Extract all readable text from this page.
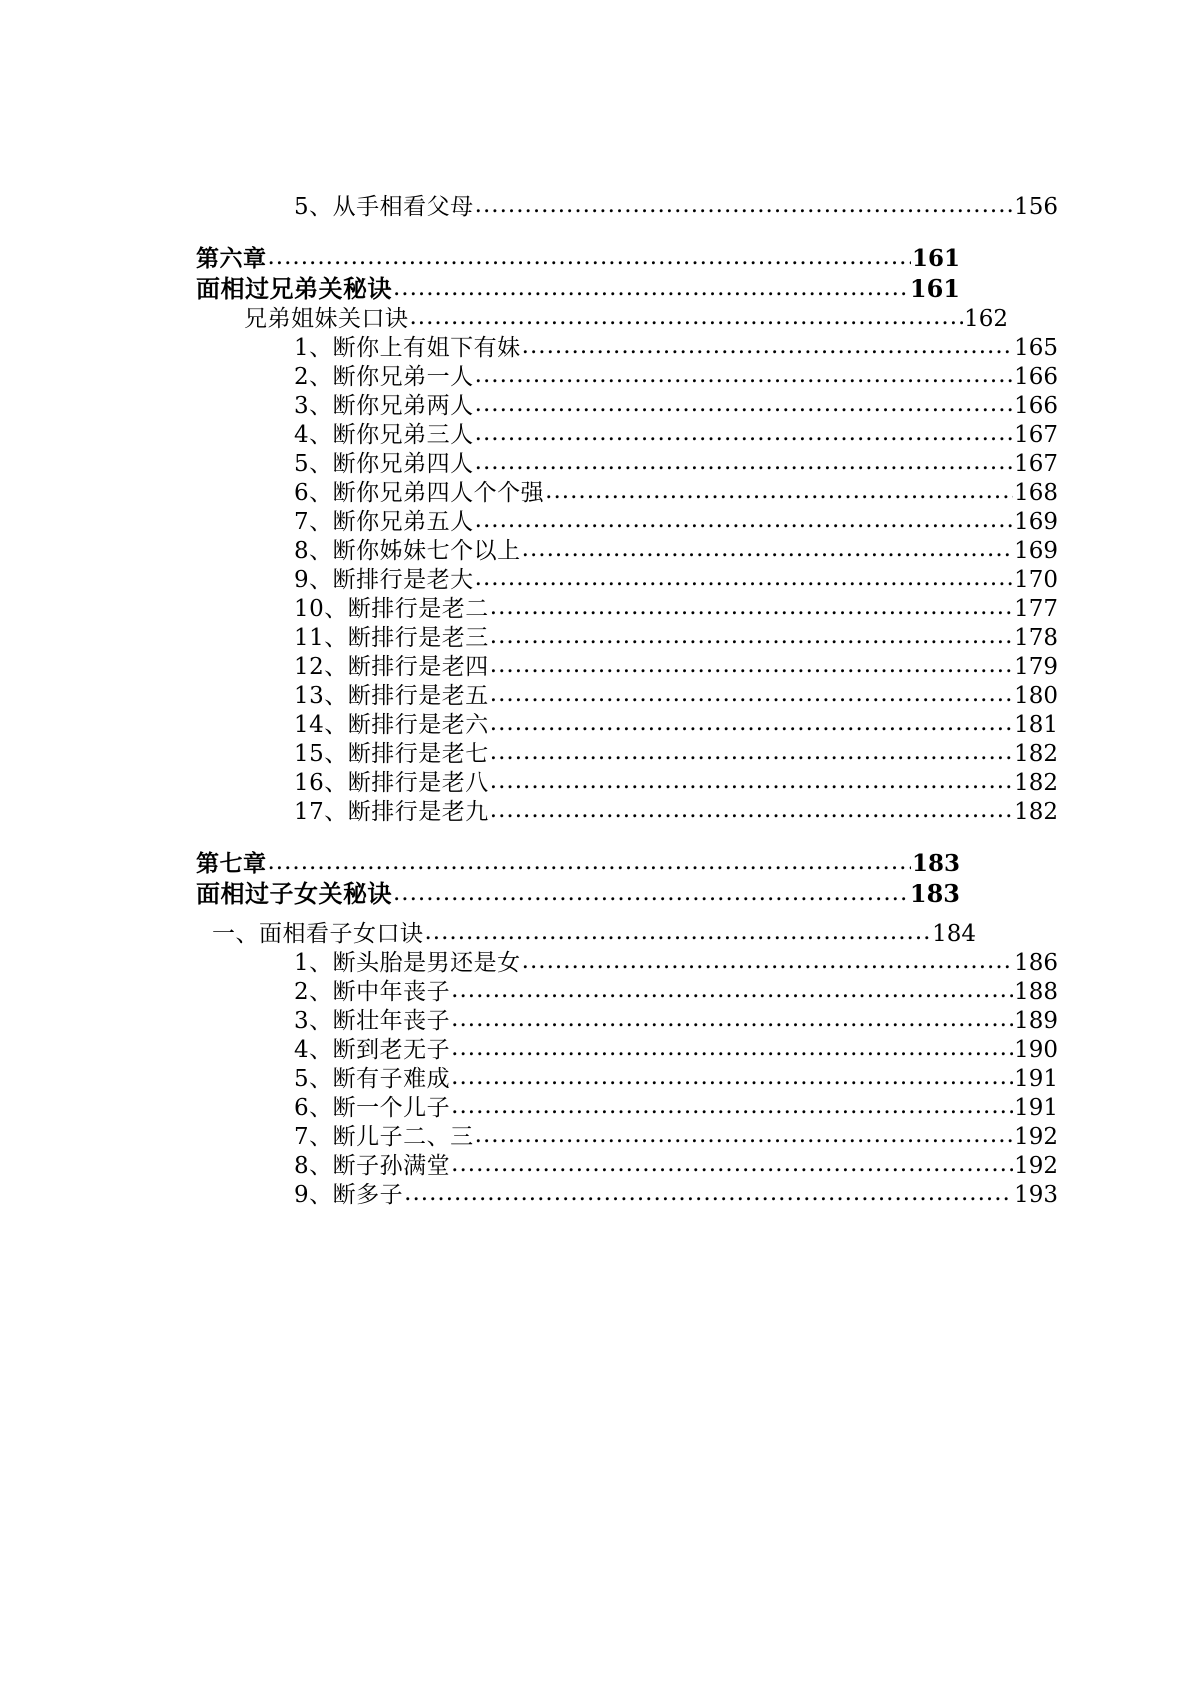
5、从手相看父母 .....	156
第六章 .....	161
面相过兄弟关秘诀 .....	161
兄弟姐妹关口诀 .....	162
1、断你上有姐下有妹 .....	165
2、断你兄弟一人 .....	166
3、断你兄弟两人 .....	166
4、断你兄弟三人 .....	167
5、断你兄弟四人 .....	167
6、断你兄弟四人个个强 .....	168
7、断你兄弟五人 .....	169
8、断你姊妹七个以上 .....	169
9、断排行是老大 .....	170
10、断排行是老二 .....	177
11、断排行是老三 .....	178
12、断排行是老四 .....	179
13、断排行是老五 .....	180
14、断排行是老六 .....	181
15、断排行是老七 .....	182
16、断排行是老八 .....	182
17、断排行是老九 .....	182
第七章 .....	183
面相过子女关秘诀 .....	183
一、面相看子女口诀 .....	184
1、断头胎是男还是女 .....	186
2、断中年丧子 .....	188
3、断壮年丧子 .....	189
4、断到老无子 .....	190
5、断有子难成 .....	191
6、断一个儿子 .....	191
7、断儿子二、三 .....	192
8、断子孙满堂 .....	192
9、断多子 .....	193
